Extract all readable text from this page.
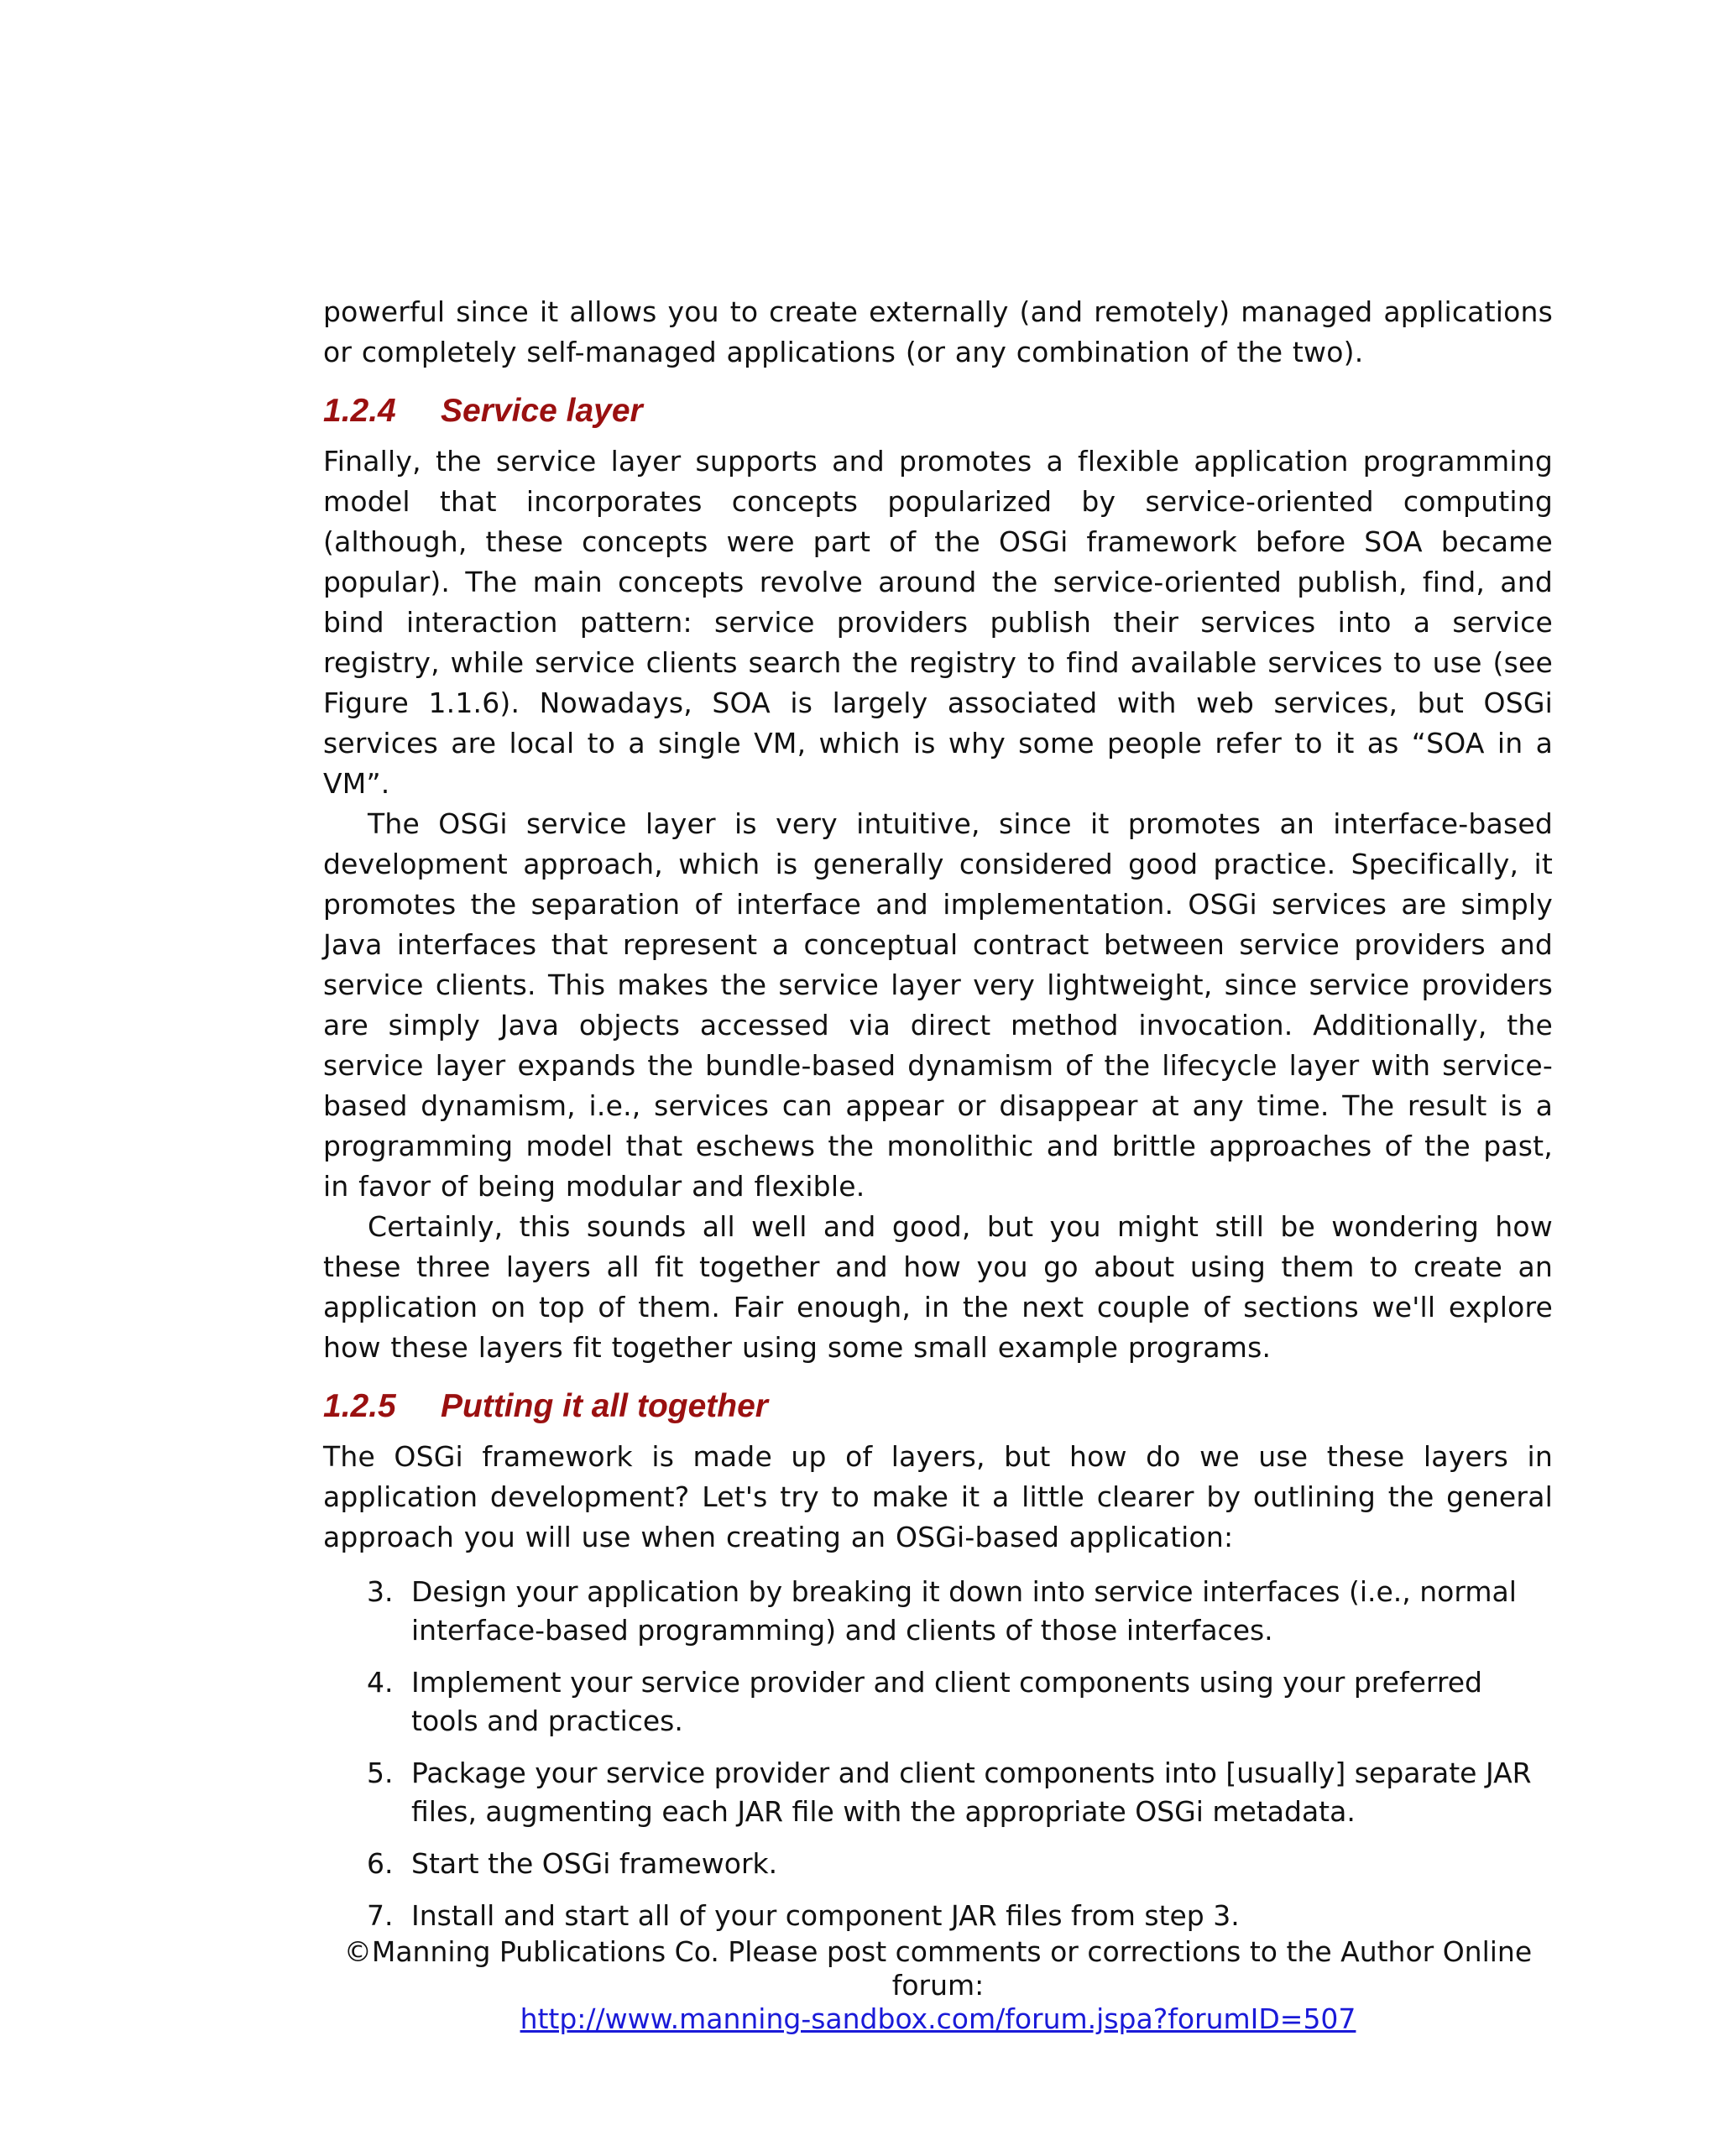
powerful since it allows you to create externally (and remotely) managed applications or completely self-managed applications (or any combination of the two).

1.2.4 Service layer

Finally, the service layer supports and promotes a flexible application programming model that incorporates concepts popularized by service-oriented computing (although, these concepts were part of the OSGi framework before SOA became popular). The main concepts revolve around the service-oriented publish, find, and bind interaction pattern: service providers publish their services into a service registry, while service clients search the registry to find available services to use (see Figure 1.1.6). Nowadays, SOA is largely associated with web services, but OSGi services are local to a single VM, which is why some people refer to it as “SOA in a VM”.

The OSGi service layer is very intuitive, since it promotes an interface-based development approach, which is generally considered good practice. Specifically, it promotes the separation of interface and implementation. OSGi services are simply Java interfaces that represent a conceptual contract between service providers and service clients. This makes the service layer very lightweight, since service providers are simply Java objects accessed via direct method invocation. Additionally, the service layer expands the bundle-based dynamism of the lifecycle layer with service-based dynamism, i.e., services can appear or disappear at any time. The result is a programming model that eschews the monolithic and brittle approaches of the past, in favor of being modular and flexible.

Certainly, this sounds all well and good, but you might still be wondering how these three layers all fit together and how you go about using them to create an application on top of them. Fair enough, in the next couple of sections we'll explore how these layers fit together using some small example programs.

1.2.5 Putting it all together

The OSGi framework is made up of layers, but how do we use these layers in application development? Let's try to make it a little clearer by outlining the general approach you will use when creating an OSGi-based application:

3. Design your application by breaking it down into service interfaces (i.e., normal interface-based programming) and clients of those interfaces.
4. Implement your service provider and client components using your preferred tools and practices.
5. Package your service provider and client components into [usually] separate JAR files, augmenting each JAR file with the appropriate OSGi metadata.
6. Start the OSGi framework.
7. Install and start all of your component JAR files from step 3.
©Manning Publications Co. Please post comments or corrections to the Author Online forum:
http://www.manning-sandbox.com/forum.jspa?forumID=507
